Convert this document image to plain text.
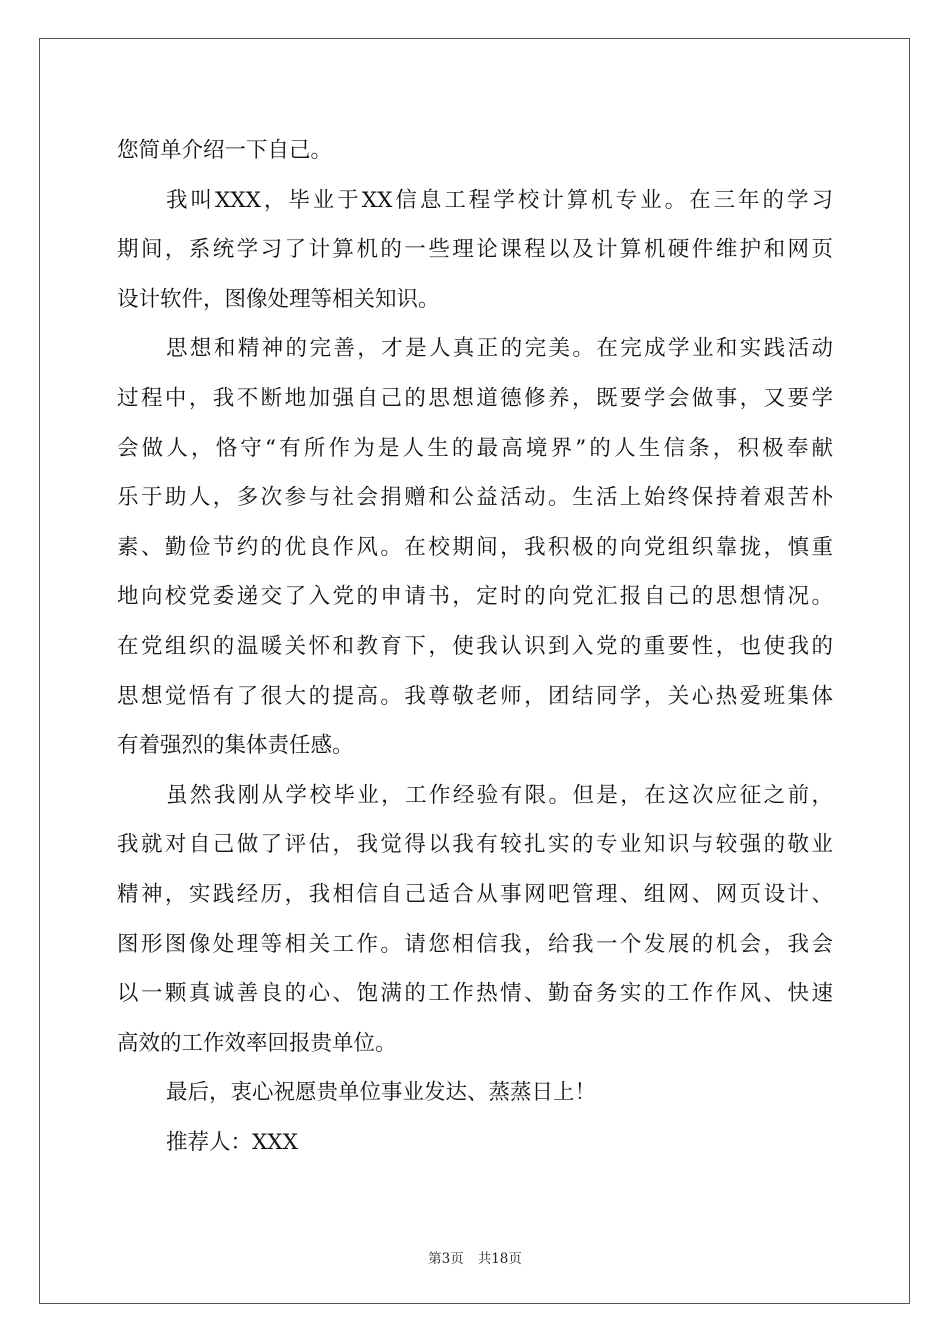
您简单介绍一下自己。
我叫XXX，毕业于XX信息工程学校计算机专业。在三年的学习
期间，系统学习了计算机的一些理论课程以及计算机硬件维护和网页
设计软件，图像处理等相关知识。
思想和精神的完善，才是人真正的完美。在完成学业和实践活动
过程中，我不断地加强自己的思想道德修养，既要学会做事，又要学
会做人，恪守“有所作为是人生的最高境界”的人生信条，积极奉献
乐于助人，多次参与社会捐赠和公益活动。生活上始终保持着艰苦朴
素、勤俭节约的优良作风。在校期间，我积极的向党组织靠拢，慎重
地向校党委递交了入党的申请书，定时的向党汇报自己的思想情况。
在党组织的温暖关怀和教育下，使我认识到入党的重要性，也使我的
思想觉悟有了很大的提高。我尊敬老师，团结同学，关心热爱班集体
有着强烈的集体责任感。
虽然我刚从学校毕业，工作经验有限。但是，在这次应征之前，
我就对自己做了评估，我觉得以我有较扎实的专业知识与较强的敬业
精神，实践经历，我相信自己适合从事网吧管理、组网、网页设计、
图形图像处理等相关工作。请您相信我，给我一个发展的机会，我会
以一颗真诚善良的心、饱满的工作热情、勤奋务实的工作作风、快速
高效的工作效率回报贵单位。
最后，衷心祝愿贵单位事业发达、蒸蒸日上！
推荐人：XXX
第3页 共18页
